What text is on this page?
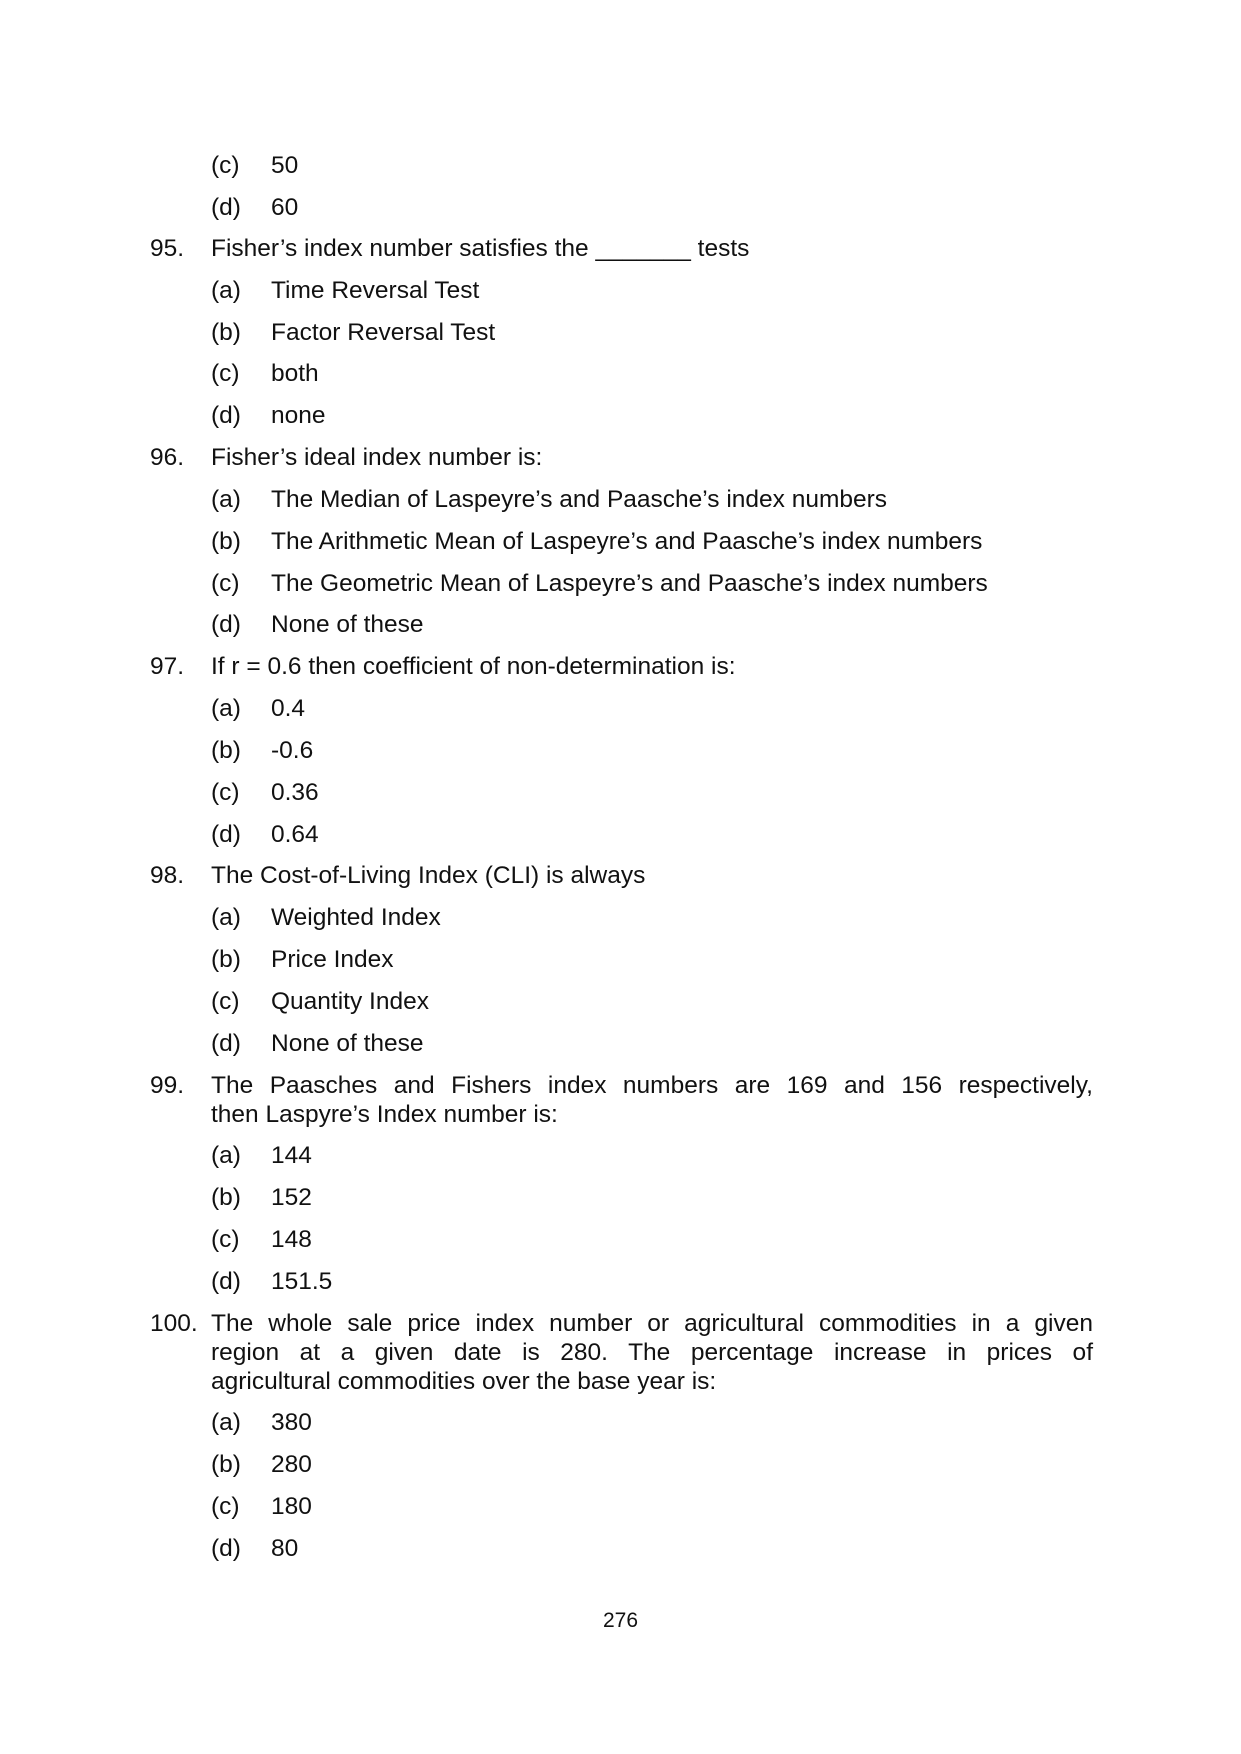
(c) 50
(d) 60
95. Fisher’s index number satisfies the _______ tests
(a) Time Reversal Test
(b) Factor Reversal Test
(c) both
(d) none
96. Fisher’s ideal index number is:
(a) The Median of Laspeyre’s and Paasche’s index numbers
(b) The Arithmetic Mean of Laspeyre’s and Paasche’s index numbers
(c) The Geometric Mean of Laspeyre’s and Paasche’s index numbers
(d) None of these
97. If r = 0.6 then coefficient of non-determination is:
(a) 0.4
(b) -0.6
(c) 0.36
(d) 0.64
98. The Cost-of-Living Index (CLI) is always
(a) Weighted Index
(b) Price Index
(c) Quantity Index
(d) None of these
99. The Paasches and Fishers index numbers are 169 and 156 respectively,
then Laspyre’s Index number is:
(a) 144
(b) 152
(c) 148
(d) 151.5
100. The whole sale price index number or agricultural commodities in a given
region at a given date is 280. The percentage increase in prices of
agricultural commodities over the base year is:
(a) 380
(b) 280
(c) 180
(d) 80
276
